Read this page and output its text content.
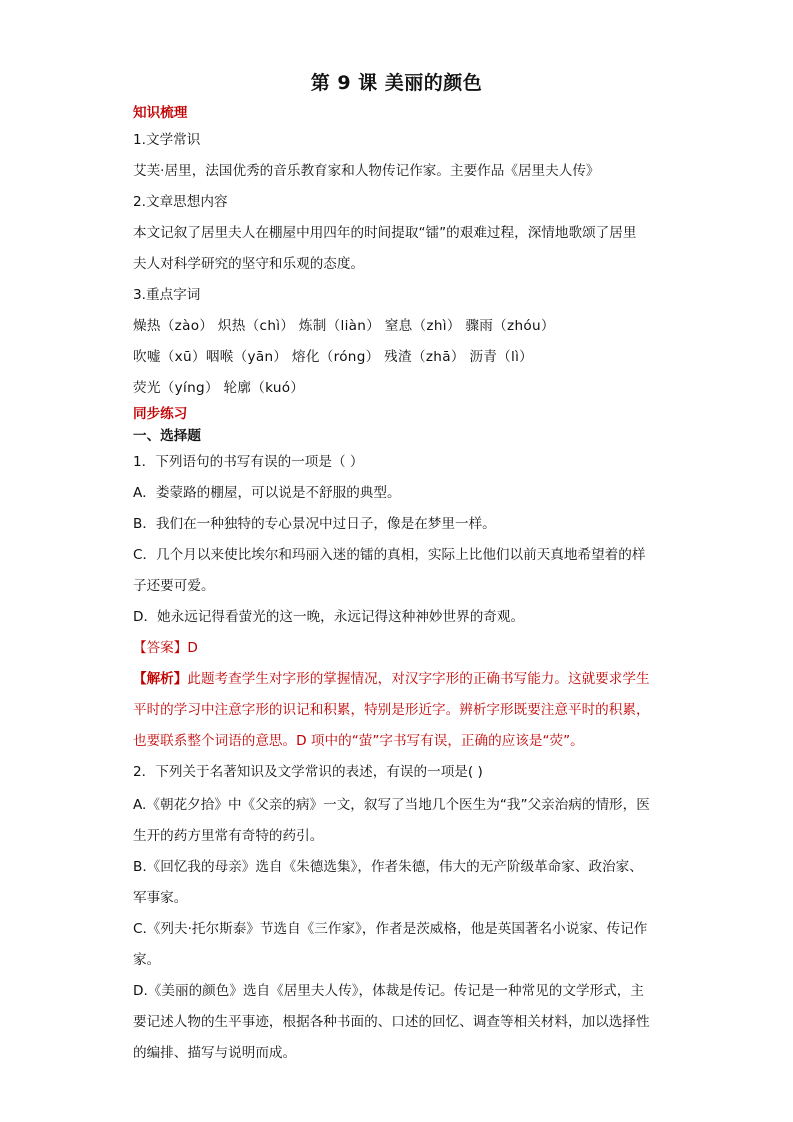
第 9 课 美丽的颜色
知识梳理
1.文学常识
艾芙·居里，法国优秀的音乐教育家和人物传记作家。主要作品《居里夫人传》
2.文章思想内容
本文记叙了居里夫人在棚屋中用四年的时间提取“镭”的艰难过程，深情地歌颂了居里
夫人对科学研究的坚守和乐观的态度。
3.重点字词
燥热（zào） 炽热（chì） 炼制（liàn） 窒息（zhì） 骤雨（zhóu）
吹嘘（xū）咽喉（yān） 熔化（róng） 残渣（zhā） 沥青（lì）
荧光（yíng） 轮廓（kuó）
同步练习
一、选择题
1．下列语句的书写有误的一项是（ ）
A．娄蒙路的棚屋，可以说是不舒服的典型。
B．我们在一种独特的专心景况中过日子，像是在梦里一样。
C．几个月以来使比埃尔和玛丽入迷的镭的真相，实际上比他们以前天真地希望着的样
子还要可爱。
D．她永远记得看萤光的这一晚，永远记得这种神妙世界的奇观。
【答案】D
【解析】此题考查学生对字形的掌握情况，对汉字字形的正确书写能力。这就要求学生
平时的学习中注意字形的识记和积累，特别是形近字。辨析字形既要注意平时的积累，
也要联系整个词语的意思。D 项中的“萤”字书写有误，正确的应该是“荧”。
2．下列关于名著知识及文学常识的表述，有误的一项是( )
A.《朝花夕拾》中《父亲的病》一文，叙写了当地几个医生为“我”父亲治病的情形，医
生开的药方里常有奇特的药引。
B.《回忆我的母亲》选自《朱德选集》，作者朱德，伟大的无产阶级革命家、政治家、
军事家。
C.《列夫·托尔斯泰》节选自《三作家》，作者是茨威格，他是英国著名小说家、传记作
家。
D.《美丽的颜色》选自《居里夫人传》，体裁是传记。传记是一种常见的文学形式，主
要记述人物的生平事迹，根据各种书面的、口述的回忆、调查等相关材料，加以选择性
的编排、描写与说明而成。
